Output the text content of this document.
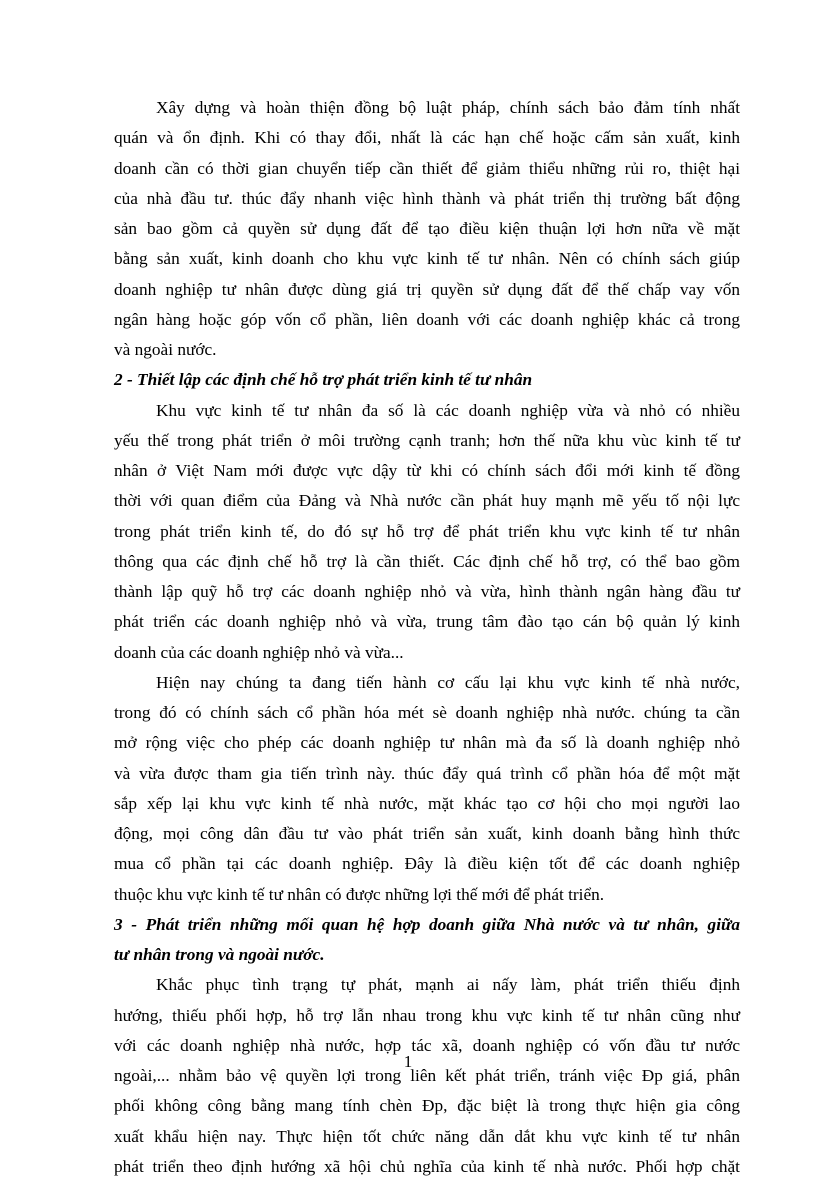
Xây dựng và hoàn thiện đồng bộ luật pháp, chính sách bảo đảm tính nhất
quán và ổn định. Khi có thay đổi, nhất là các hạn chế hoặc cấm sản xuất, kinh
doanh cần có thời gian chuyển tiếp cần thiết để giảm thiểu những rủi ro, thiệt hại
của nhà đầu tư. thúc đẩy nhanh việc hình thành và phát triển thị trường bất động
sản bao gồm cả quyền sử dụng đất để tạo điều kiện thuận lợi hơn nữa về mặt
bằng sản xuất, kinh doanh cho khu vực kinh tế tư nhân. Nên có chính sách giúp
doanh nghiệp tư nhân được dùng giá trị quyền sử dụng đất để thế chấp vay vốn
ngân hàng hoặc góp vốn cổ phần, liên doanh với các doanh nghiệp khác cả trong
và ngoài nước.
2 - Thiết lập các định chế hỗ trợ phát triển kinh tế tư nhân
Khu vực kinh tế tư nhân đa số là các doanh nghiệp vừa và nhỏ có nhiều
yếu thế trong phát triển ở môi trường cạnh tranh; hơn thế nữa khu vùc kinh tế tư
nhân ở Việt Nam mới được vực dậy từ khi có chính sách đổi mới kinh tế đồng
thời với quan điểm của Đảng và Nhà nước cần phát huy mạnh mẽ yếu tố nội lực
trong phát triển kinh tế, do đó sự hỗ trợ để phát triển khu vực kinh tế tư nhân
thông qua các định chế hỗ trợ là cần thiết. Các định chế hỗ trợ, có thể bao gồm
thành lập quỹ hỗ trợ các doanh nghiệp nhỏ và vừa, hình thành ngân hàng đầu tư
phát triển các doanh nghiệp nhỏ và vừa, trung tâm đào tạo cán bộ quản lý kinh
doanh của các doanh nghiệp nhỏ và vừa...
Hiện nay chúng ta đang tiến hành cơ cấu lại khu vực kinh tế nhà nước,
trong đó có chính sách cổ phần hóa mét sè doanh nghiệp nhà nước. chúng ta cần
mở rộng việc cho phép các doanh nghiệp tư nhân mà đa số là doanh nghiệp nhỏ
và vừa được tham gia tiến trình này. thúc đẩy quá trình cổ phần hóa để một mặt
sắp xếp lại khu vực kinh tế nhà nước, mặt khác tạo cơ hội cho mọi người lao
động, mọi công dân đầu tư vào phát triển sản xuất, kinh doanh bằng hình thức
mua cổ phần tại các doanh nghiệp. Đây là điều kiện tốt để các doanh nghiệp
thuộc khu vực kinh tế tư nhân có được những lợi thế mới để phát triển.
3 - Phát triển những mối quan hệ hợp doanh giữa Nhà nước và tư nhân, giữa
tư nhân trong và ngoài nước.
Khắc phục tình trạng tự phát, mạnh ai nấy làm, phát triển thiếu định
hướng, thiếu phối hợp, hỗ trợ lẫn nhau trong khu vực kinh tế tư nhân cũng như
với các doanh nghiệp nhà nước, hợp tác xã, doanh nghiệp có vốn đầu tư nước
ngoài,... nhằm bảo vệ quyền lợi trong liên kết phát triển, tránh việc Đp giá, phân
phối không công bằng mang tính chèn Đp, đặc biệt là trong thực hiện gia công
xuất khẩu hiện nay. Thực hiện tốt chức năng dẫn dắt khu vực kinh tế tư nhân
phát triển theo định hướng xã hội chủ nghĩa của kinh tế nhà nước. Phối hợp chặt
1
